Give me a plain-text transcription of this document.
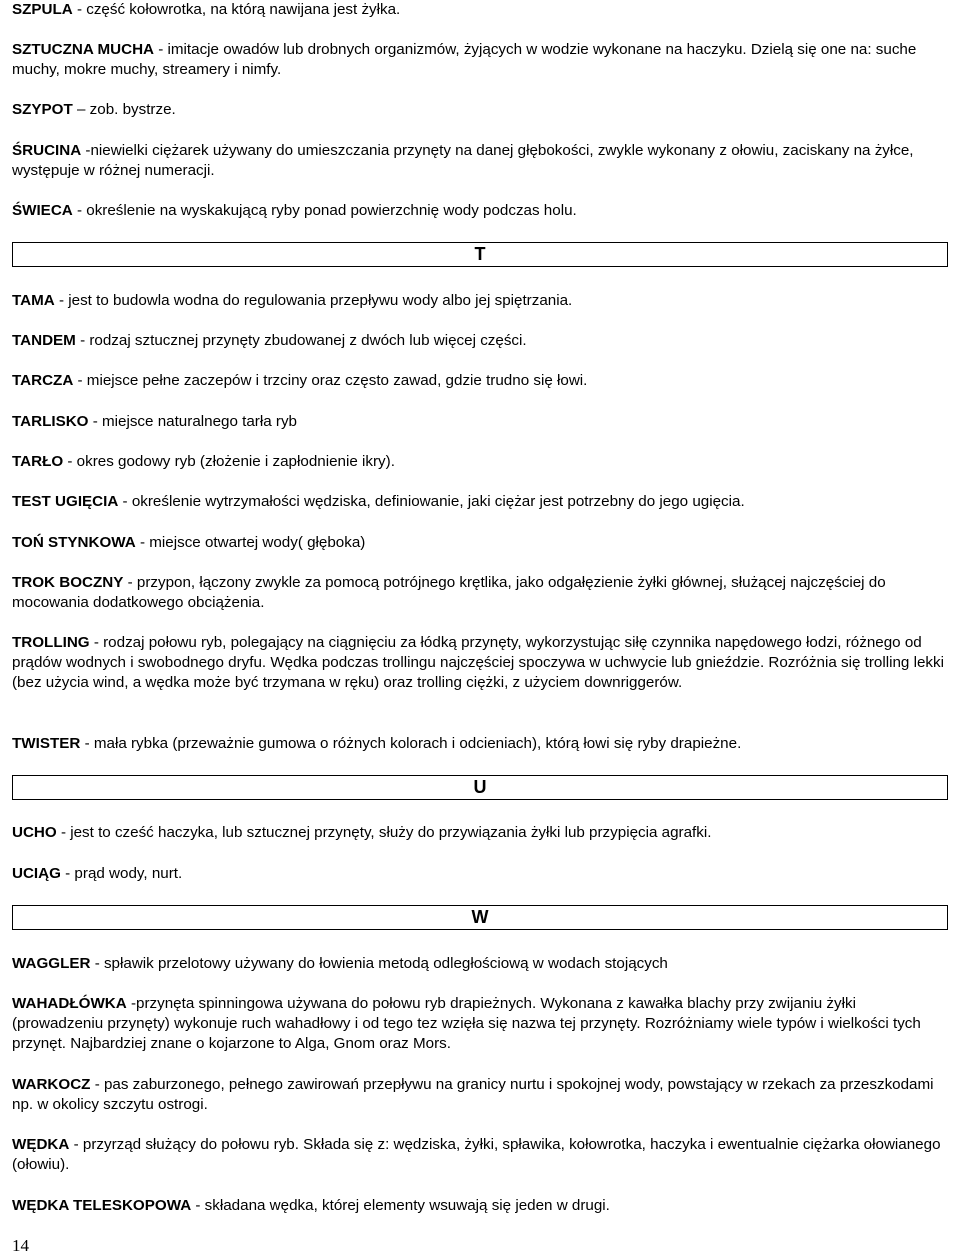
SZPULA - część kołowrotka, na którą nawijana jest żyłka.

SZTUCZNA MUCHA - imitacje owadów lub drobnych organizmów, żyjących w wodzie wykonane na haczyku. Dzielą się one na: suche muchy, mokre muchy, streamery i nimfy.

SZYPOT – zob. bystrze.

ŚRUCINA -niewielki ciężarek używany do umieszczania przynęty na danej głębokości, zwykle wykonany z ołowiu, zaciskany na żyłce, występuje w różnej numeracji.

ŚWIECA - określenie na wyskakującą ryby ponad powierzchnię wody podczas holu.

T

TAMA - jest to budowla wodna do regulowania przepływu wody albo jej spiętrzania.

TANDEM - rodzaj sztucznej przynęty zbudowanej z dwóch lub więcej części.

TARCZA - miejsce pełne zaczepów i trzciny oraz często zawad, gdzie trudno się łowi.

TARLISKO - miejsce naturalnego tarła ryb

TARŁO - okres godowy ryb (złożenie i zapłodnienie ikry).

TEST UGIĘCIA - określenie wytrzymałości wędziska, definiowanie, jaki ciężar jest potrzebny do jego ugięcia.

TOŃ STYNKOWA - miejsce otwartej wody( głęboka)

TROK BOCZNY - przypon, łączony zwykle za pomocą potrójnego krętlika, jako odgałęzienie żyłki głównej, służącej najczęściej do mocowania dodatkowego obciążenia.

TROLLING - rodzaj połowu ryb, polegający na ciągnięciu za łódką przynęty, wykorzystując siłę czynnika napędowego łodzi, różnego od prądów wodnych i swobodnego dryfu. Wędka podczas trollingu najczęściej spoczywa w uchwycie lub gnieździe. Rozróżnia się trolling lekki (bez użycia wind, a wędka może być trzymana w ręku) oraz trolling ciężki, z użyciem downriggerów.

TWISTER - mała rybka (przeważnie gumowa o różnych kolorach i odcieniach), którą łowi się ryby drapieżne.

U

UCHO - jest to cześć haczyka, lub sztucznej przynęty, służy do przywiązania żyłki lub przypięcia agrafki.

UCIĄG - prąd wody, nurt.

W

WAGGLER - spławik przelotowy używany do łowienia metodą odległościową w wodach stojących

WAHADŁÓWKA -przynęta spinningowa używana do połowu ryb drapieżnych. Wykonana z kawałka blachy przy zwijaniu żyłki (prowadzeniu przynęty) wykonuje ruch wahadłowy i od tego tez wzięła się nazwa tej przynęty. Rozróżniamy wiele typów i wielkości tych przynęt. Najbardziej znane o kojarzone to Alga, Gnom oraz Mors.

WARKOCZ - pas zaburzonego, pełnego zawirowań przepływu na granicy nurtu i spokojnej wody, powstający w rzekach za przeszkodami np. w okolicy szczytu ostrogi.

WĘDKA - przyrząd służący do połowu ryb. Składa się z: wędziska, żyłki, spławika, kołowrotka, haczyka i ewentualnie ciężarka ołowianego (ołowiu).

WĘDKA TELESKOPOWA - składana wędka, której elementy wsuwają się jeden w drugi.

14
